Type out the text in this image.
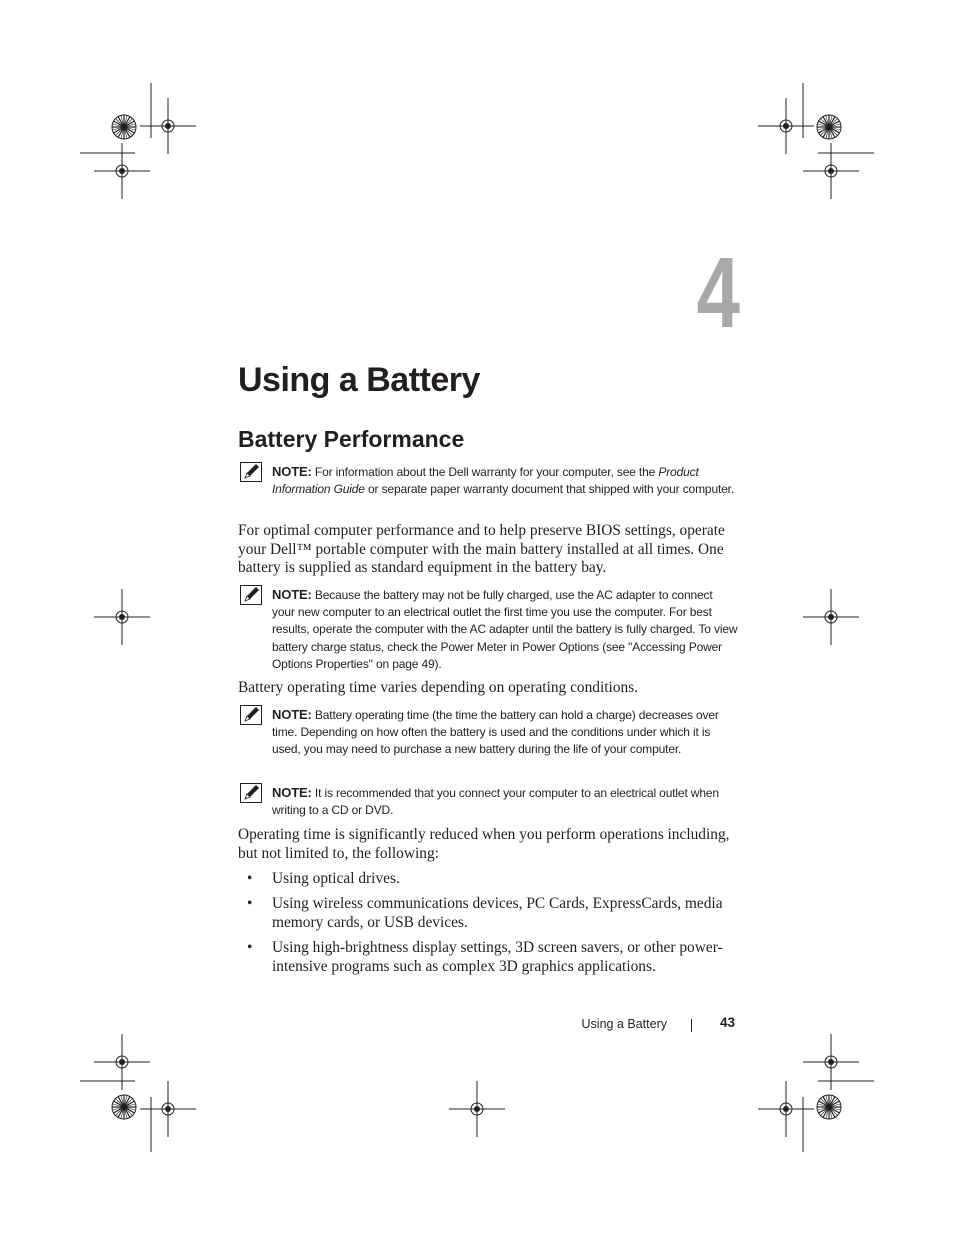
4
Using a Battery
Battery Performance
NOTE: For information about the Dell warranty for your computer, see the Product Information Guide or separate paper warranty document that shipped with your computer.

For optimal computer performance and to help preserve BIOS settings, operate your Dell™ portable computer with the main battery installed at all times. One battery is supplied as standard equipment in the battery bay.

NOTE: Because the battery may not be fully charged, use the AC adapter to connect your new computer to an electrical outlet the first time you use the computer. For best results, operate the computer with the AC adapter until the battery is fully charged. To view battery charge status, check the Power Meter in Power Options (see "Accessing Power Options Properties" on page 49).

Battery operating time varies depending on operating conditions.

NOTE: Battery operating time (the time the battery can hold a charge) decreases over time. Depending on how often the battery is used and the conditions under which it is used, you may need to purchase a new battery during the life of your computer.
NOTE: It is recommended that you connect your computer to an electrical outlet when writing to a CD or DVD.

Operating time is significantly reduced when you perform operations including, but not limited to, the following:

• Using optical drives.
• Using wireless communications devices, PC Cards, ExpressCards, media memory cards, or USB devices.
• Using high-brightness display settings, 3D screen savers, or other power-intensive programs such as complex 3D graphics applications.
Using a Battery	43
